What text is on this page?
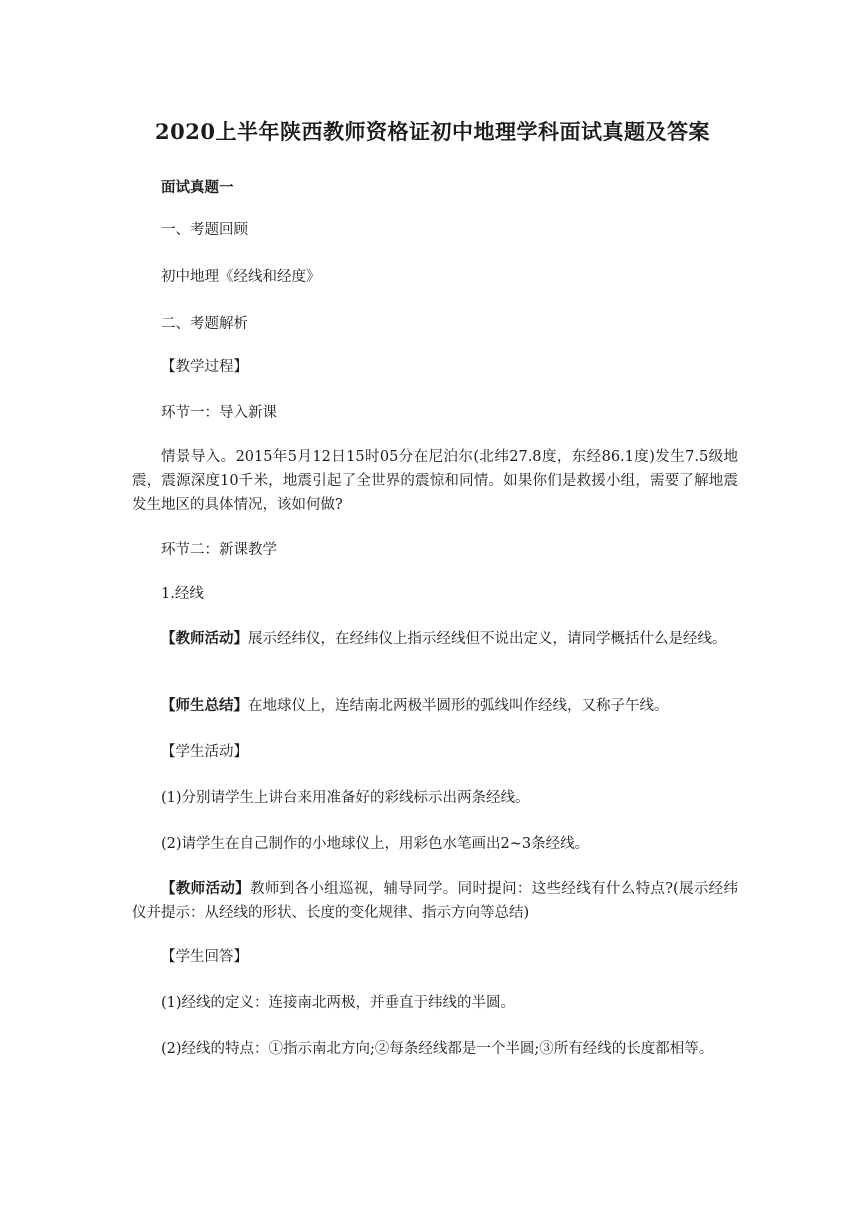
2020上半年陕西教师资格证初中地理学科面试真题及答案

面试真题一

一、考题回顾

初中地理《经线和经度》

二、考题解析

【教学过程】

环节一：导入新课

情景导入。2015年5月12日15时05分在尼泊尔(北纬27.8度，东经86.1度)发生7.5级地震，震源深度10千米，地震引起了全世界的震惊和同情。如果你们是救援小组，需要了解地震发生地区的具体情况，该如何做?

环节二：新课教学

1.经线

【教师活动】展示经纬仪，在经纬仪上指示经线但不说出定义，请同学概括什么是经线。

【师生总结】在地球仪上，连结南北两极半圆形的弧线叫作经线，又称子午线。

【学生活动】

(1)分别请学生上讲台来用准备好的彩线标示出两条经线。

(2)请学生在自己制作的小地球仪上，用彩色水笔画出2~3条经线。

【教师活动】教师到各小组巡视，辅导同学。同时提问：这些经线有什么特点?(展示经纬仪并提示：从经线的形状、长度的变化规律、指示方向等总结)

【学生回答】

(1)经线的定义：连接南北两极，并垂直于纬线的半圆。

(2)经线的特点：①指示南北方向;②每条经线都是一个半圆;③所有经线的长度都相等。
